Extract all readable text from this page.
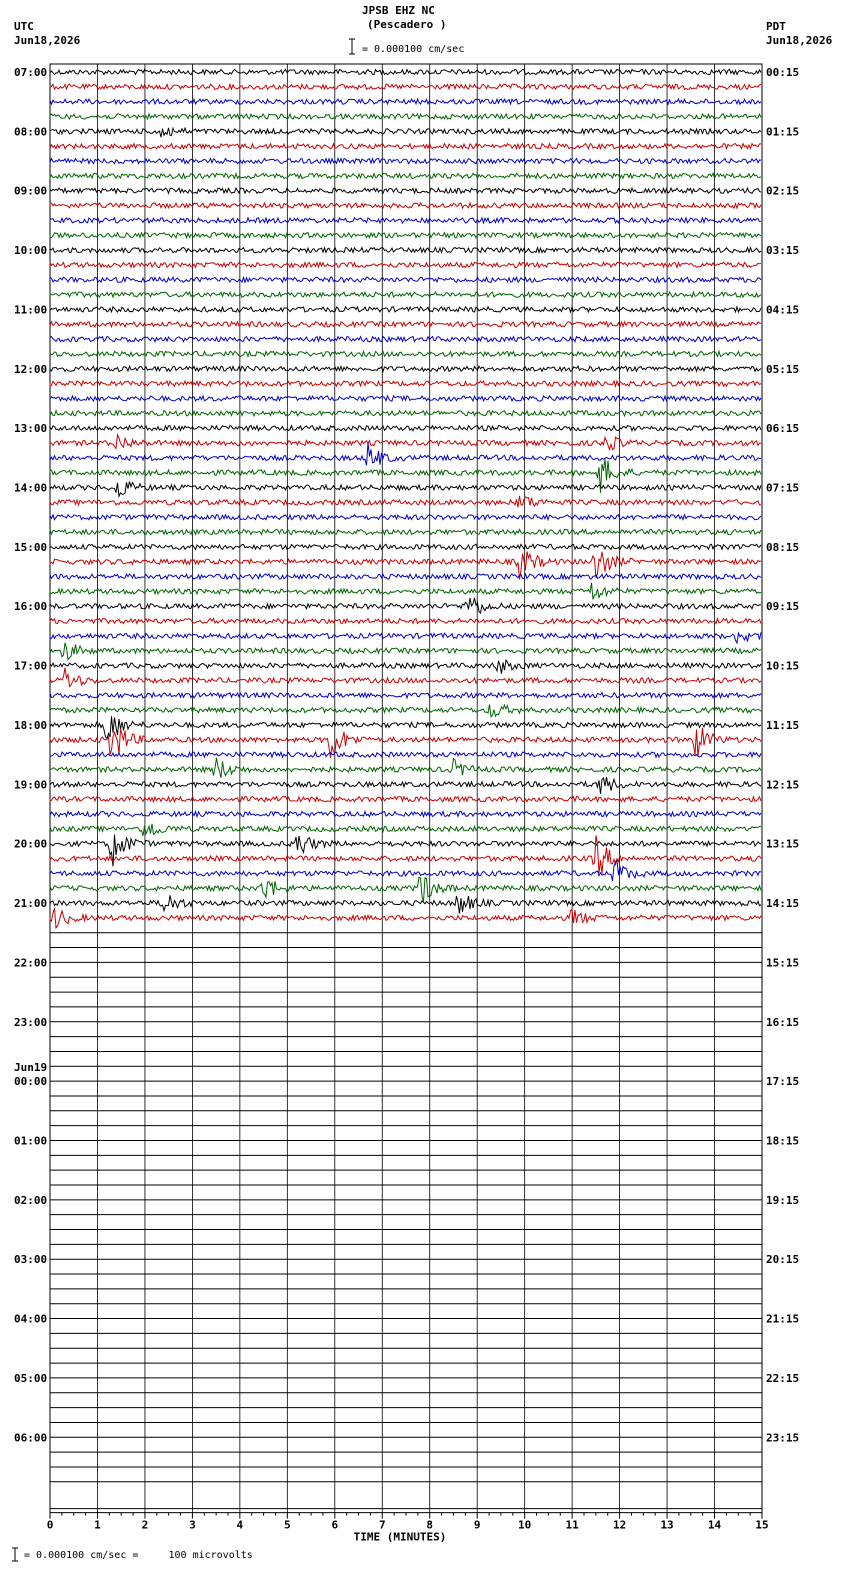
JPSB EHZ NC
(Pescadero )
= 0.000100 cm/sec
UTC
Jun18,2026
PDT
Jun18,2026
07:00
08:00
09:00
10:00
11:00
12:00
13:00
14:00
15:00
16:00
17:00
18:00
19:00
20:00
21:00
22:00
23:00
Jun19
00:00
01:00
02:00
03:00
04:00
05:00
06:00
00:15
01:15
02:15
03:15
04:15
05:15
06:15
07:15
08:15
09:15
10:15
11:15
12:15
13:15
14:15
15:15
16:15
17:15
18:15
19:15
20:15
21:15
22:15
23:15
0	1	2	3	4	5	6	7	8	9	10	11	12	13	14	15
TIME (MINUTES)
= 0.000100 cm/sec =     100 microvolts
